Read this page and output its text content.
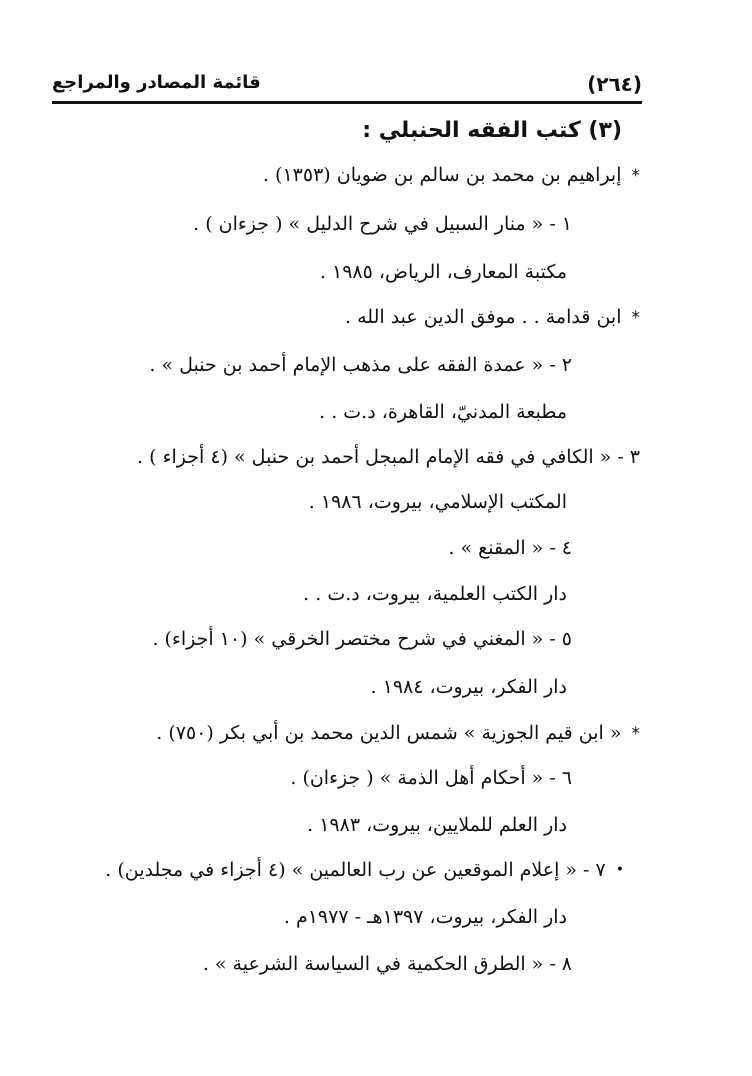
(٢٦٤)
قائمة المصادر والمراجع
(٣) كتب الفقه الحنبلي :
*إبراهيم بن محمد بن سالم بن ضويان (١٣٥٣) .
١ -« منار السبيل في شرح الدليل » ( جزءان ) .
مكتبة المعارف، الرياض، ١٩٨٥ .
*ابن قدامة . . موفق الدين عبد الله .
٢ -« عمدة الفقه على مذهب الإمام أحمد بن حنبل » .
مطبعة المدنيّ، القاهرة، د.ت . .
٣ -« الكافي في فقه الإمام المبجل أحمد بن حنبل » (٤ أجزاء ) .
المكتب الإسلامي، بيروت، ١٩٨٦ .
٤ -« المقنع » .
دار الكتب العلمية، بيروت، د.ت . .
٥ -« المغني في شرح مختصر الخرقي » (١٠ أجزاء) .
دار الفكر، بيروت، ١٩٨٤ .
*« ابن قيم الجوزية » شمس الدين محمد بن أبي بكر (٧٥٠) .
٦ -« أحكام أهل الذمة » ( جزءان) .
دار العلم للملايين، بيروت، ١٩٨٣ .
•٧ -« إعلام الموقعين عن رب العالمين » (٤ أجزاء في مجلدين) .
دار الفكر، بيروت، ١٣٩٧هـ - ١٩٧٧م .
٨ -« الطرق الحكمية في السياسة الشرعية » .
